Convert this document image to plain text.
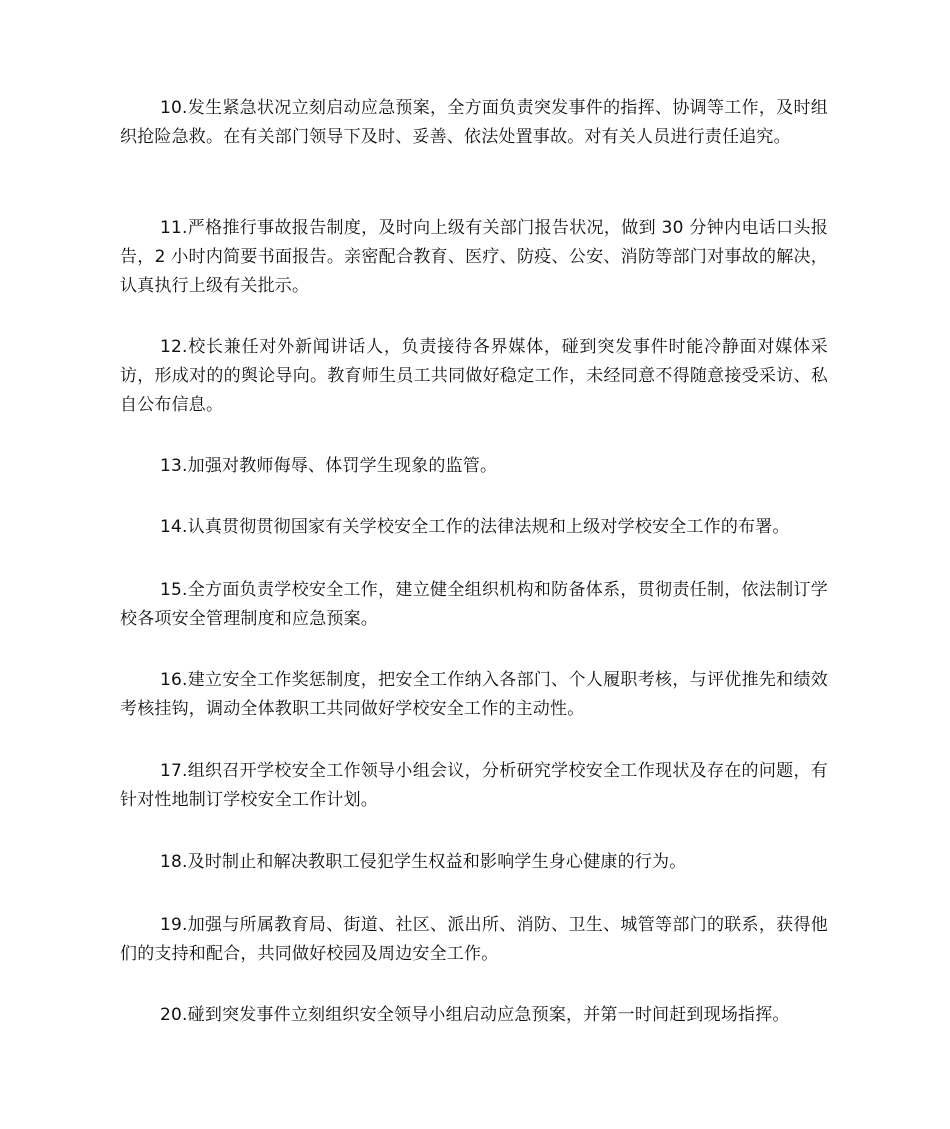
10.发生紧急状况立刻启动应急预案，全方面负责突发事件的指挥、协调等工作，及时组织抢险急救。在有关部门领导下及时、妥善、依法处置事故。对有关人员进行责任追究。

11.严格推行事故报告制度，及时向上级有关部门报告状况，做到 30 分钟内电话口头报告，2 小时内简要书面报告。亲密配合教育、医疗、防疫、公安、消防等部门对事故的解决，认真执行上级有关批示。

12.校长兼任对外新闻讲话人，负责接待各界媒体，碰到突发事件时能冷静面对媒体采访，形成对的的舆论导向。教育师生员工共同做好稳定工作，未经同意不得随意接受采访、私自公布信息。

13.加强对教师侮辱、体罚学生现象的监管。

14.认真贯彻贯彻国家有关学校安全工作的法律法规和上级对学校安全工作的布署。

15.全方面负责学校安全工作，建立健全组织机构和防备体系，贯彻责任制，依法制订学校各项安全管理制度和应急预案。

16.建立安全工作奖惩制度，把安全工作纳入各部门、个人履职考核，与评优推先和绩效考核挂钩，调动全体教职工共同做好学校安全工作的主动性。

17.组织召开学校安全工作领导小组会议，分析研究学校安全工作现状及存在的问题，有针对性地制订学校安全工作计划。

18.及时制止和解决教职工侵犯学生权益和影响学生身心健康的行为。

19.加强与所属教育局、街道、社区、派出所、消防、卫生、城管等部门的联系，获得他们的支持和配合，共同做好校园及周边安全工作。

20.碰到突发事件立刻组织安全领导小组启动应急预案，并第一时间赶到现场指挥。
